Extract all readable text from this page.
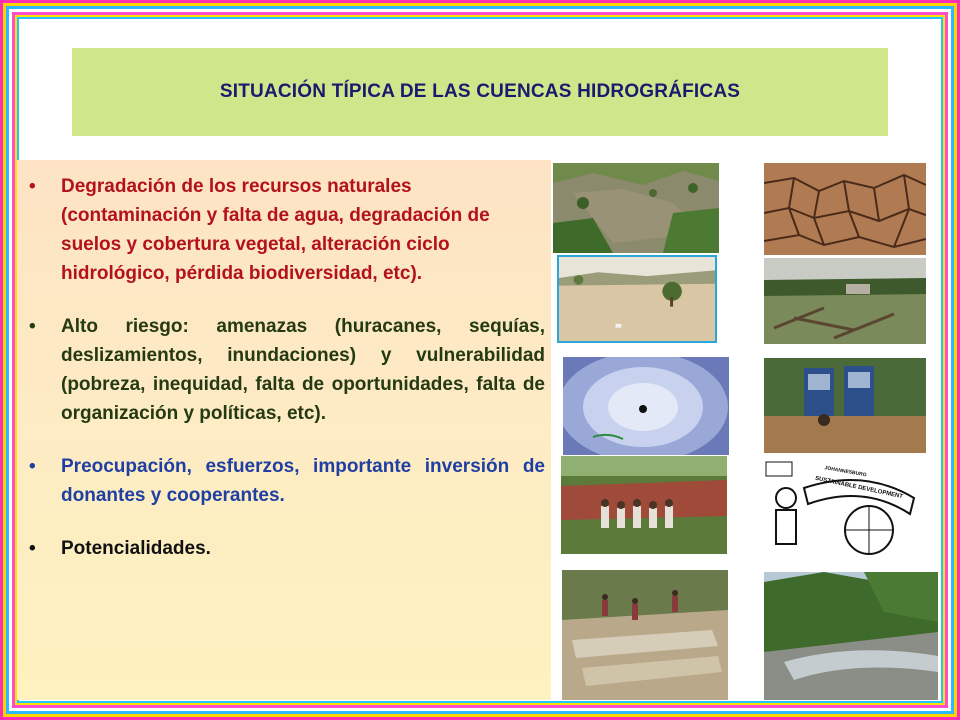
SITUACIÓN TÍPICA DE LAS CUENCAS HIDROGRÁFICAS
• Degradación de los recursos naturales (contaminación y falta de agua, degradación de suelos y cobertura vegetal, alteración ciclo hidrológico, pérdida biodiversidad, etc).
• Alto riesgo: amenazas (huracanes, sequías, deslizamientos, inundaciones) y vulnerabilidad (pobreza, inequidad, falta de oportunidades, falta de organización y políticas, etc).
• Preocupación, esfuerzos, importante inversión de donantes y cooperantes.
• Potencialidades.
SUSTAINABLE DEVELOPMENT
JOHANNESBURG
